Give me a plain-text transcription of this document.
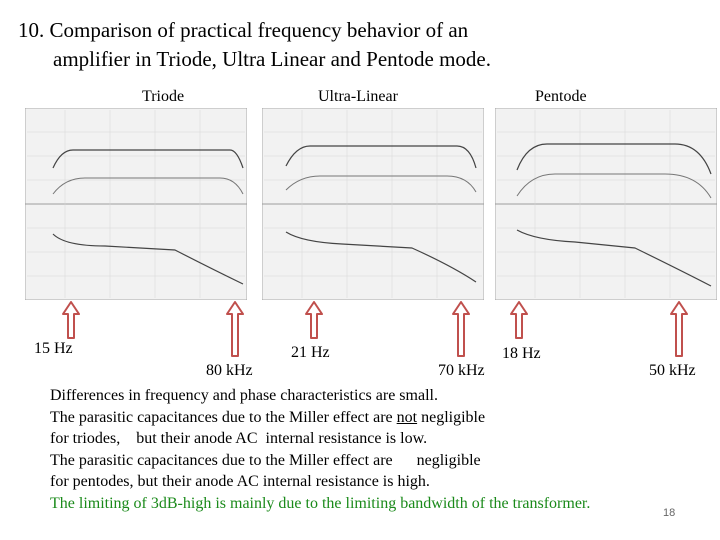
10. Comparison of practical frequency behavior of an
amplifier in Triode, Ultra Linear and Pentode mode.
Triode	Ultra-Linear	Pentode
15 Hz
80 kHz
21 Hz
70 kHz
18 Hz
50 kHz
Differences in frequency and phase characteristics are small.
The parasitic capacitances due to the Miller effect are not negligible
for triodes,    but their anode AC  internal resistance is low.
The parasitic capacitances due to the Miller effect are      negligible
for pentodes, but their anode AC internal resistance is high.
The limiting of 3dB-high is mainly due to the limiting bandwidth of the transformer.
18
